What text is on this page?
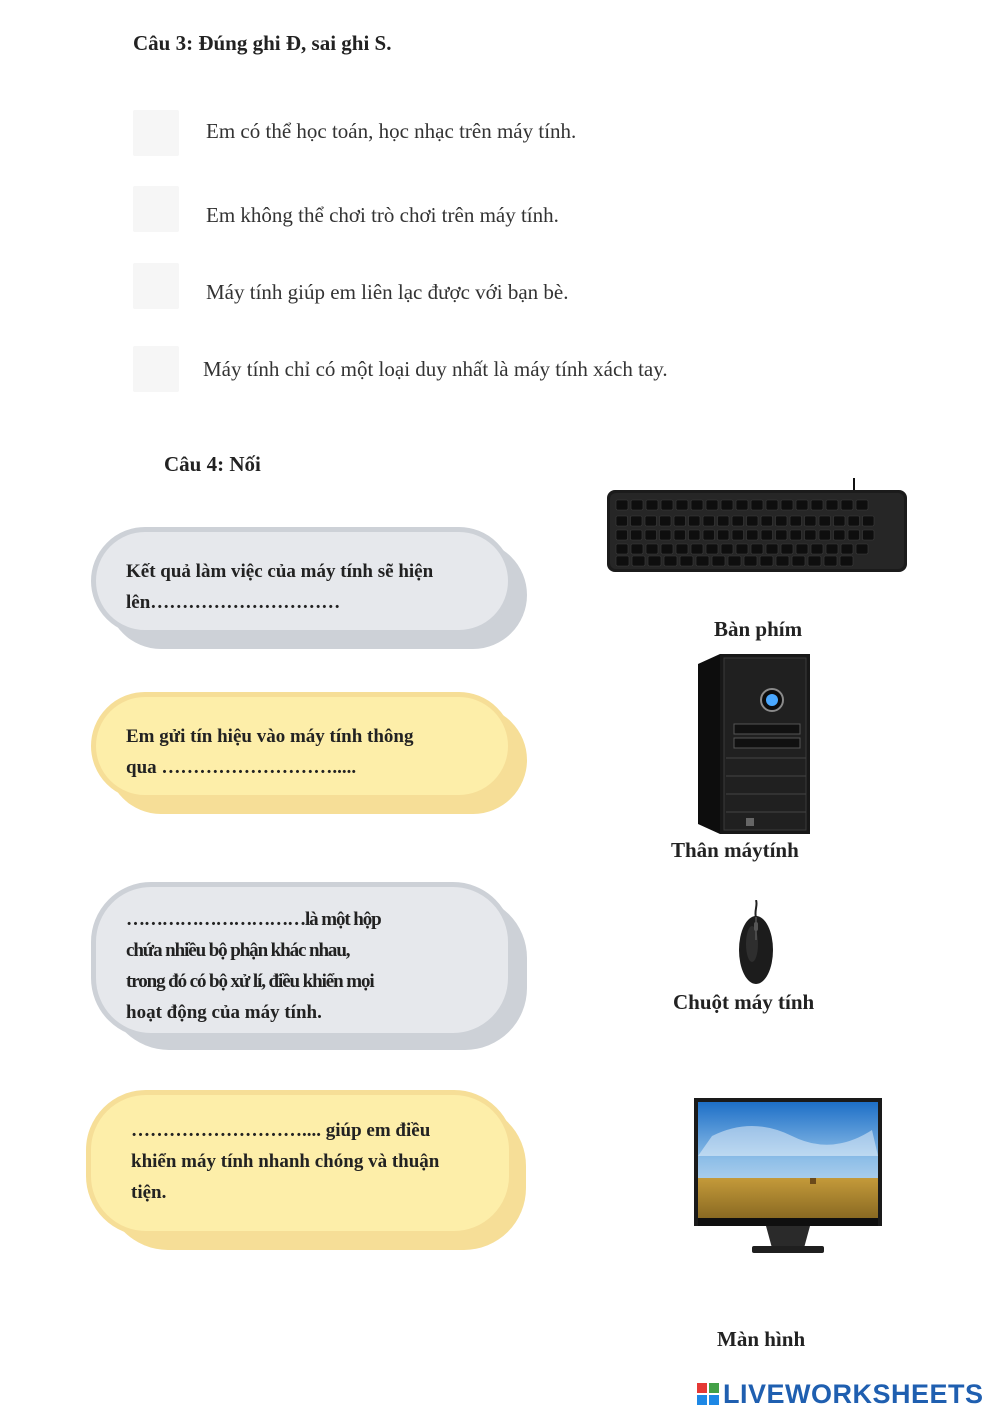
Câu 3: Đúng ghi Đ, sai ghi S.
Em có thể học toán, học nhạc trên máy tính.
Em không thể chơi trò chơi trên máy tính.
Máy tính giúp em liên lạc được với bạn bè.
Máy tính chỉ có một loại duy nhất là máy tính xách tay.
Câu 4: Nối
Kết quả làm việc của máy tính sẽ hiện
lên…………………………
Em gửi tín hiệu vào máy tính thông
qua ……………………….....
…………………………là một hộp
chứa nhiều bộ phận khác nhau,
trong đó có bộ xử lí, điều khiển mọi
hoạt động của máy tính.
……………………….... giúp em điều
khiển máy tính nhanh chóng và thuận
tiện.
Bàn phím
Thân máytính
Chuột máy tính
Màn hình
LIVEWORKSHEETS
